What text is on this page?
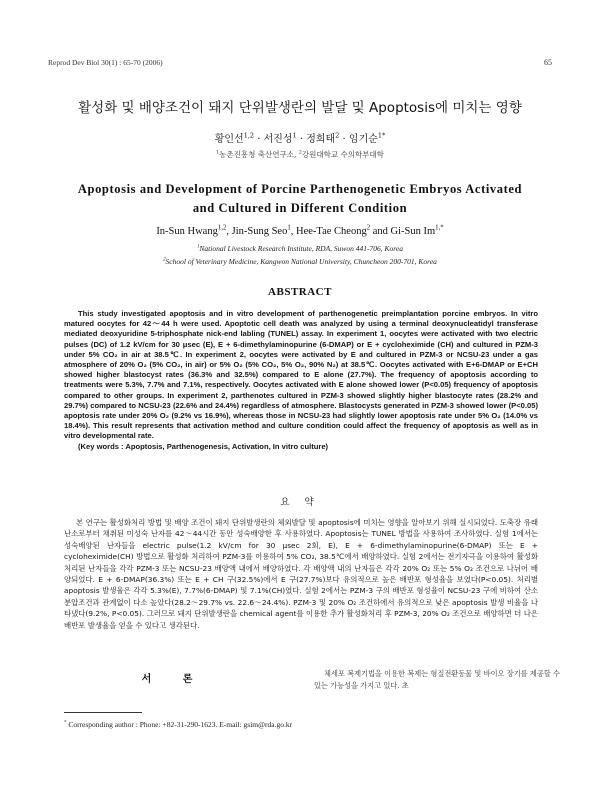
Reprod Dev Biol 30(1) : 65-70 (2006)	65
활성화 및 배양조건이 돼지 단위발생란의 발달 및 Apoptosis에 미치는 영향
황인선$^{1,2}$ · 서진성$^1$ · 정희태$^2$ · 임기순$^{1*}$
$^1$농촌진흥청 축산연구소, $^2$강원대학교 수의학부대학
Apoptosis and Development of Porcine Parthenogenetic Embryos Activated
and Cultured in Different Condition
In-Sun Hwang$^{1,2}$, Jin-Sung Seo$^1$, Hee-Tae Cheong$^2$ and Gi-Sun $Im^{1,*}$
$^1$National Livestock Research Institute, RDA, Suwon 441-706, Korea
$^2$School of Veterinary Medicine, Kangwon National University, Chuncheon 200-701, Korea
ABSTRACT

This study investigated apoptosis and in vitro development of parthenogenetic preimplantation porcine embryos. In vitro matured oocytes for 42～44 h were used. Apoptotic cell death was analyzed by using a terminal deoxynucleatidyl transferase mediated deoxyuridine 5-triphosphate nick-end labling (TUNEL) assay. In experiment 1, oocytes were activated with two electric pulses (DC) of 1.2 kV/cm for 30 μsec (E), E + 6-dimethylaminopurine (6-DMAP) or E + cycloheximide (CH) and cultured in PZM-3 under 5% CO₂ in air at 38.5℃. In experiment 2, oocytes were activated by E and cultured in PZM-3 or NCSU-23 under a gas atmosphere of 20% O₂ (5% CO₂, in air) or 5% O₂ (5% CO₂, 5% O₂, 90% N₂) at 38.5℃. Oocytes activated with E+6-DMAP or E+CH showed higher blastocyst rates (36.3% and 32.5%) compared to E alone (27.7%). The frequency of apoptosis according to treatments were 5.3%, 7.7% and 7.1%, respectively. Oocytes activated with E alone showed lower (P<0.05) frequency of apoptosis compared to other groups. In experiment 2, parthenotes cultured in PZM-3 showed slightly higher blastocyte rates (28.2% and 29.7%) compared to NCSU-23 (22.6% and 24.4%) regardless of atmosphere. Blastocysts generated in PZM-3 showed lower (P<0.05) apoptosis rate under 20% O₂ (9.2% vs 16.9%), whereas those in NCSU-23 had slightly lower apoptosis rate under 5% O₂ (14.0% vs 18.4%). This result represents that activation method and culture condition could affect the frequency of apoptosis as well as in vitro developmental rate.

(Key words : Apoptosis, Parthenogenesis, Activation, In vitro culture)

요 약

본 연구는 활성화처리 방법 및 배양 조건이 돼지 단위발생란의 체외발달 및 apoptosis에 미치는 영향을 알아보기 위해 실시되었다. 도축장 유래 난소로부터 채취된 미성숙 난자를 42～44시간 동안 성숙배양한 후 사용하였다. Apoptosis는 TUNEL 방법을 사용하여 조사하였다. 실험 1에서는 성숙배양된 난자들을 electric pulse(1.2 kV/cm for 30 μsec 2회, E), E + 6-dimethylaminopurine(6-DMAP) 또는 E + cycloheximide(CH) 방법으로 활성화 처리하여 PZM-3를 이용하여 5% CO₂, 38.5℃에서 배양하였다. 실험 2에서는 전기자극을 이용하여 활성화처리된 난자들을 각각 PZM-3 또는 NCSU-23 배양액 내에서 배양하였다. 각 배양액 내의 난자들은 각각 20% O₂ 또는 5% O₂ 조건으로 나뉘어 배양되었다. E + 6-DMAP(36.3%) 또는 E + CH 구(32.5%)에서 E 구(27.7%)보다 유의적으로 높은 배반포 형성율을 보였다(P<0.05). 처리별 apoptosis 발생율은 각각 5.3%(E), 7.7%(6-DMAP) 및 7.1%(CH)였다. 실험 2에서는 PZM-3 구의 배반포 형성율이 NCSU-23 구에 비하여 산소분압조건과 관계없이 다소 높았다(28.2～29.7% vs. 22.6～24.4%). PZM-3 및 20% O₂ 조건하에서 유의적으로 낮은 apoptosis 발생 비율을 나타냈다(9.2%, P<0.05). 그러므로 돼지 단위발생란을 chemical agent를 이용한 추가 활성화처리 후 PZM-3, 20% O₂ 조건으로 배양하면 더 나은 배반포 발생율을 얻을 수 있다고 생각된다.

서 론

체세포 복제기법을 이용한 복제는 형질전환동물 및 바이오 장기를 제공할 수 있는 가능성을 가지고 있다. 초

* Corresponding author : Phone: +82-31-290-1623. E-mail: gsim@rda.go.kr
